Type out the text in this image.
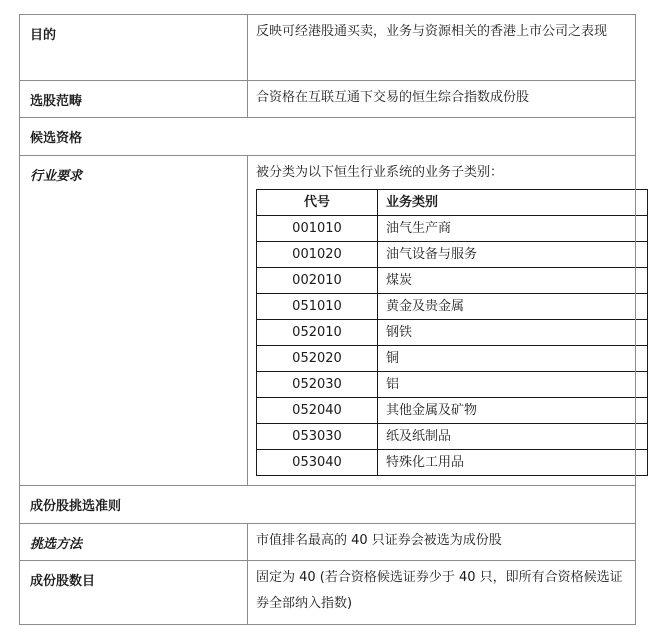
目的	反映可经港股通买卖，业务与资源相关的香港上市公司之表现
选股范畴	合资格在互联互通下交易的恒生综合指数成份股
候选资格
行业要求	被分类为以下恒生行业系统的业务子类别：
代号	业务类别
001010	油气生产商
001020	油气设备与服务
002010	煤炭
051010	黄金及贵金属
052010	钢铁
052020	铜
052030	铝
052040	其他金属及矿物
053030	纸及纸制品
053040	特殊化工用品

成份股挑选准则
挑选方法	市值排名最高的 40 只证券会被选为成份股
成份股数目	固定为 40 (若合资格候选证券少于 40 只，即所有合资格候选证券全部纳入指数)
